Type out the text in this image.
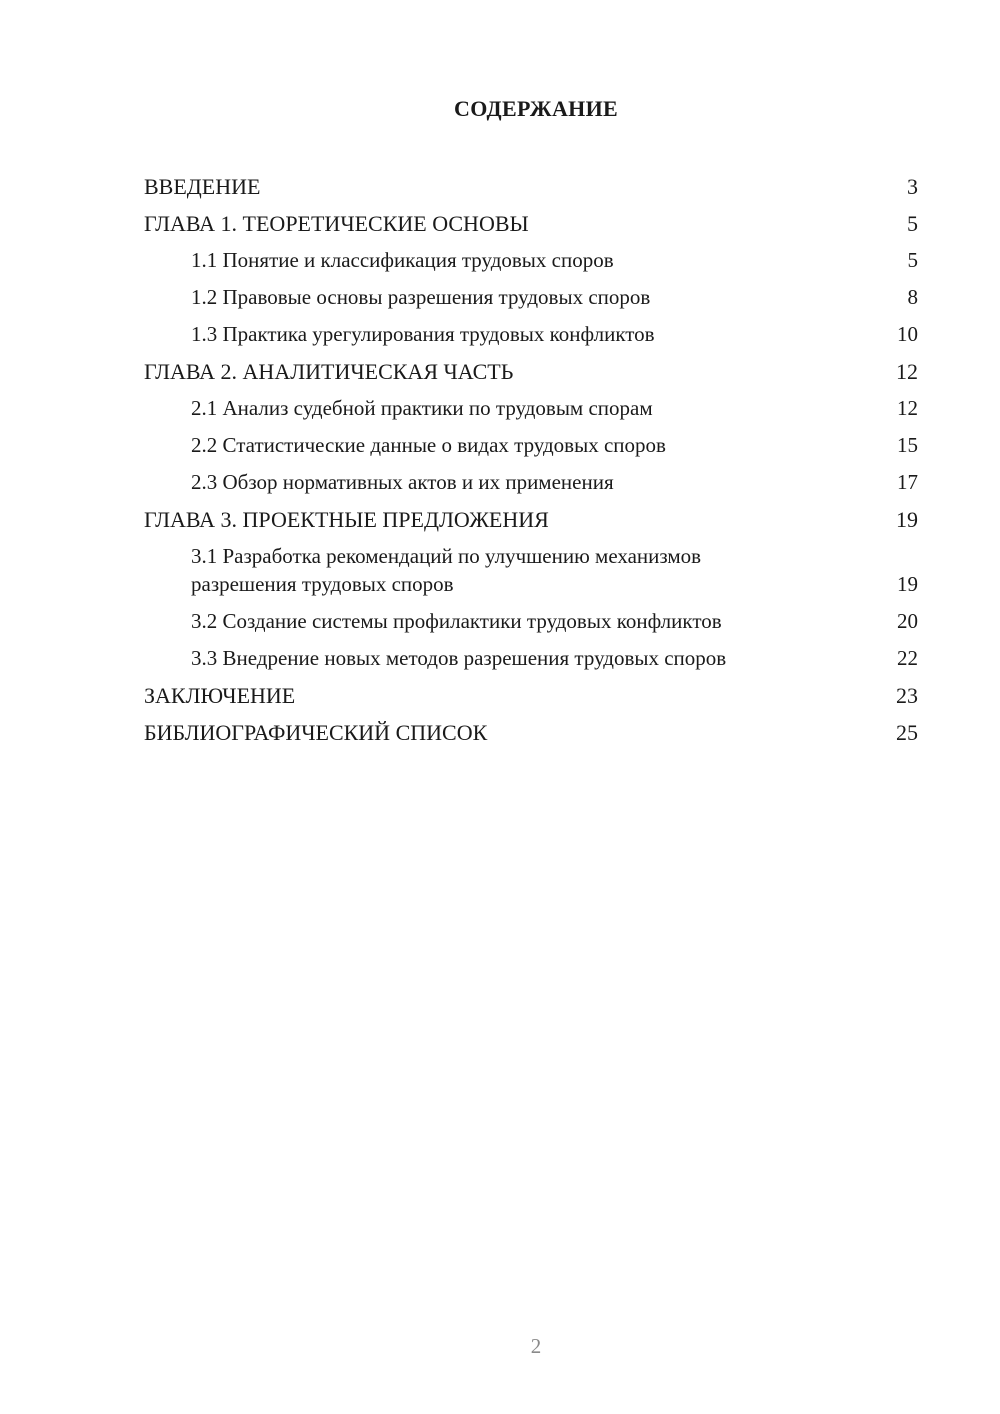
СОДЕРЖАНИЕ
ВВЕДЕНИЕ	3
ГЛАВА 1. ТЕОРЕТИЧЕСКИЕ ОСНОВЫ	5
1.1 Понятие и классификация трудовых споров	5
1.2 Правовые основы разрешения трудовых споров	8
1.3 Практика урегулирования трудовых конфликтов	10
ГЛАВА 2. АНАЛИТИЧЕСКАЯ ЧАСТЬ	12
2.1 Анализ судебной практики по трудовым спорам	12
2.2 Статистические данные о видах трудовых споров	15
2.3 Обзор нормативных актов и их применения	17
ГЛАВА 3. ПРОЕКТНЫЕ ПРЕДЛОЖЕНИЯ	19
3.1 Разработка рекомендаций по улучшению механизмов разрешения трудовых споров	19
3.2 Создание системы профилактики трудовых конфликтов	20
3.3 Внедрение новых методов разрешения трудовых споров	22
ЗАКЛЮЧЕНИЕ	23
БИБЛИОГРАФИЧЕСКИЙ СПИСОК	25
2
